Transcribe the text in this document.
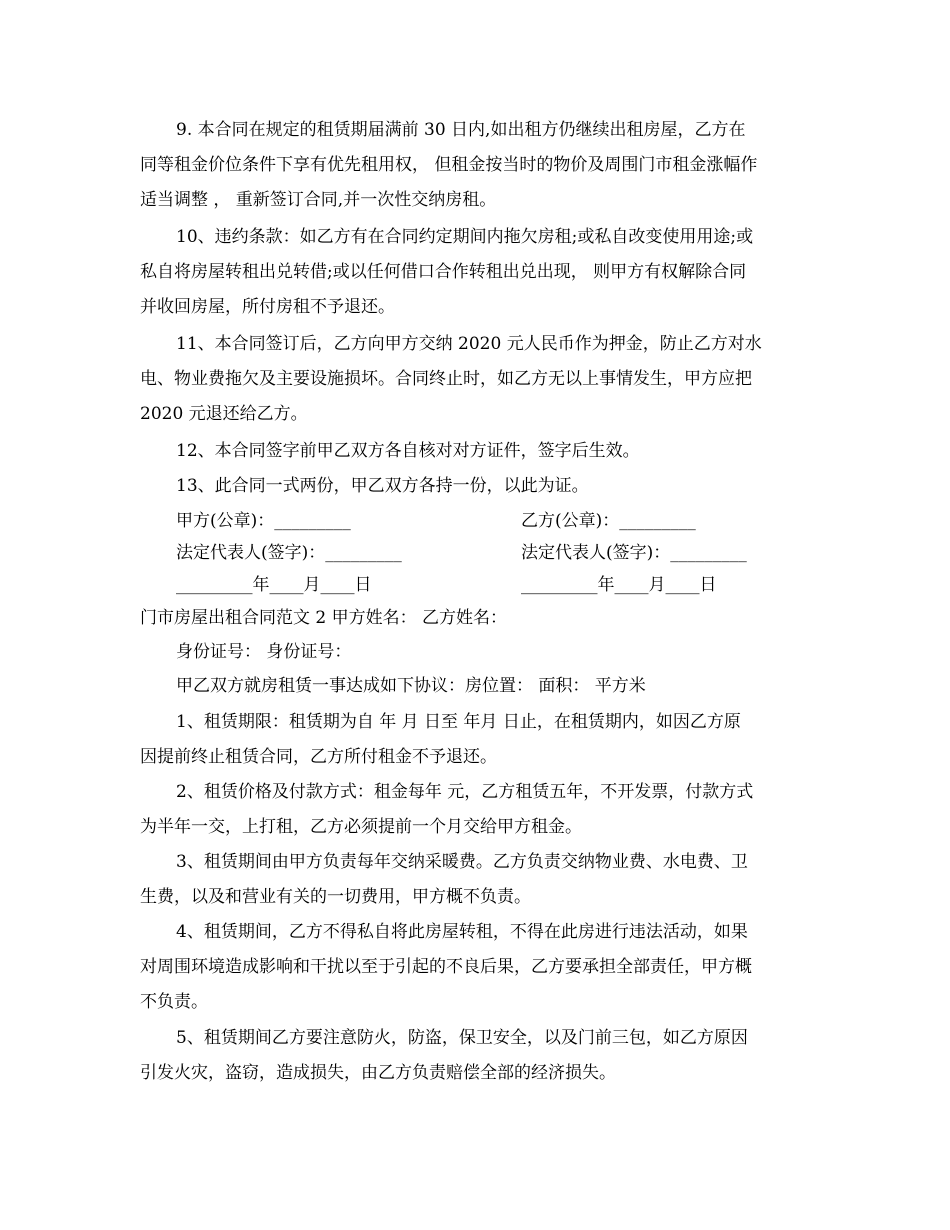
9. 本合同在规定的租赁期届满前 30 日内,如出租方仍继续出租房屋，乙方在
同等租金价位条件下享有优先租用权， 但租金按当时的物价及周围门市租金涨幅作
适当调整 ， 重新签订合同,并一次性交纳房租。
10、违约条款：如乙方有在合同约定期间内拖欠房租;或私自改变使用用途;或
私自将房屋转租出兑转借;或以任何借口合作转租出兑出现， 则甲方有权解除合同
并收回房屋，所付房租不予退还。
11、本合同签订后，乙方向甲方交纳 2020 元人民币作为押金，防止乙方对水
电、物业费拖欠及主要设施损坏。合同终止时，如乙方无以上事情发生，甲方应把
2020 元退还给乙方。
12、本合同签字前甲乙双方各自核对对方证件，签字后生效。
13、此合同一式两份，甲乙双方各持一份，以此为证。
甲方(公章)：_________	乙方(公章)：_________
法定代表人(签字)：_________	法定代表人(签字)：_________
_________年____月____日	_________年____月____日
门市房屋出租合同范文 2 甲方姓名： 乙方姓名：
身份证号： 身份证号：
甲乙双方就房租赁一事达成如下协议：房位置： 面积： 平方米
1、租赁期限：租赁期为自 年 月 日至 年月 日止，在租赁期内，如因乙方原
因提前终止租赁合同，乙方所付租金不予退还。
2、租赁价格及付款方式：租金每年 元，乙方租赁五年，不开发票，付款方式
为半年一交，上打租，乙方必须提前一个月交给甲方租金。
3、租赁期间由甲方负责每年交纳采暖费。乙方负责交纳物业费、水电费、卫
生费，以及和营业有关的一切费用，甲方概不负责。
4、租赁期间，乙方不得私自将此房屋转租，不得在此房进行违法活动，如果
对周围环境造成影响和干扰以至于引起的不良后果，乙方要承担全部责任，甲方概
不负责。
5、租赁期间乙方要注意防火，防盗，保卫安全，以及门前三包，如乙方原因
引发火灾，盗窃，造成损失，由乙方负责赔偿全部的经济损失。
